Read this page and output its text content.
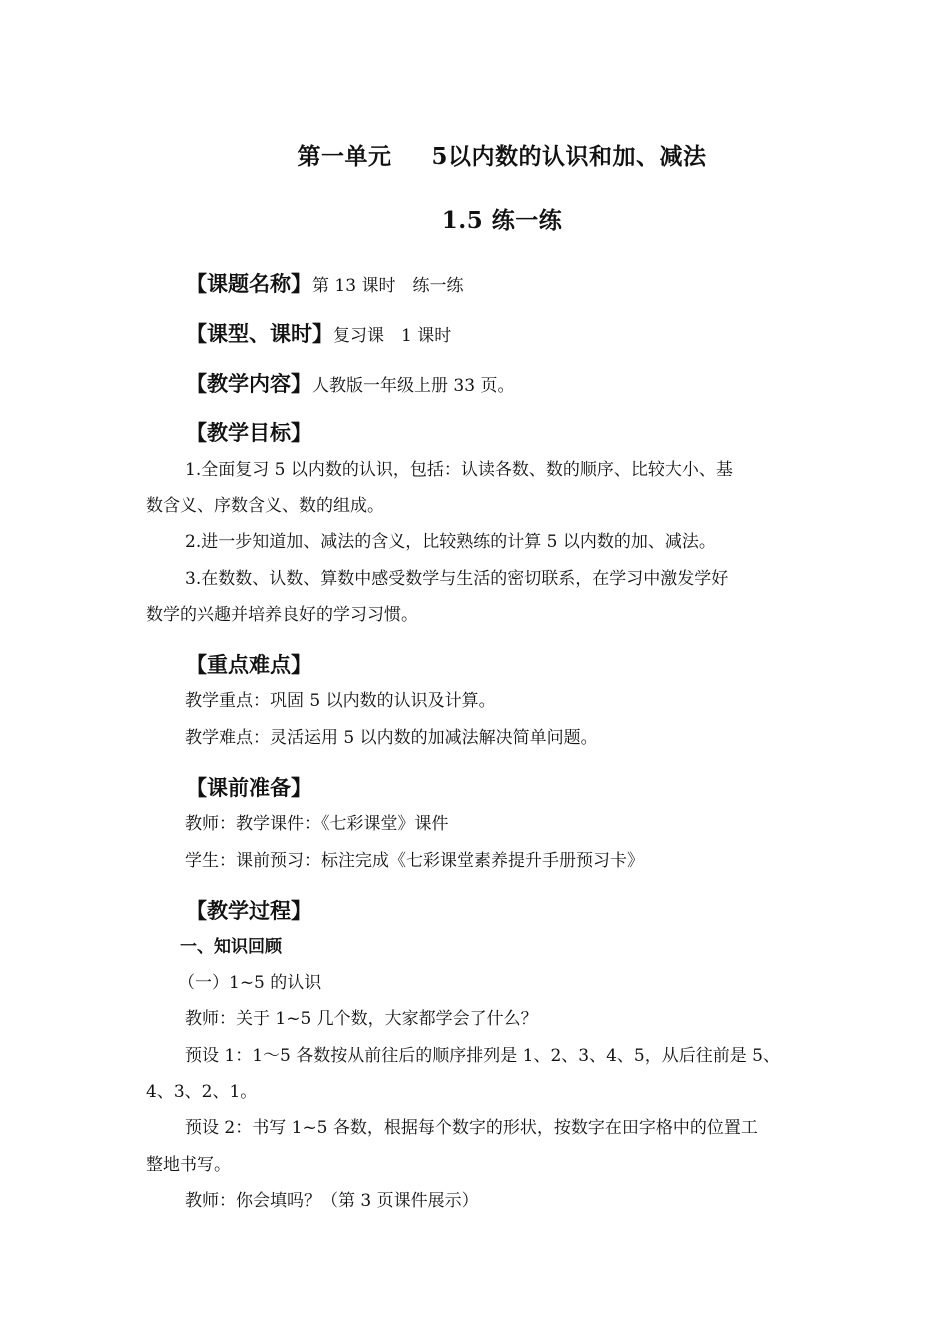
第一单元 5以内数的认识和加、减法
1.5 练一练
【课题名称】第 13 课时　练一练
【课型、课时】复习课　1 课时
【教学内容】人教版一年级上册 33 页。
【教学目标】
1.全面复习 5 以内数的认识，包括：认读各数、数的顺序、比较大小、基
数含义、序数含义、数的组成。
2.进一步知道加、减法的含义，比较熟练的计算 5 以内数的加、减法。
3.在数数、认数、算数中感受数学与生活的密切联系，在学习中激发学好
数学的兴趣并培养良好的学习习惯。
【重点难点】
教学重点：巩固 5 以内数的认识及计算。
教学难点：灵活运用 5 以内数的加减法解决简单问题。
【课前准备】
教师：教学课件：《七彩课堂》课件
学生：课前预习：标注完成《七彩课堂素养提升手册预习卡》
【教学过程】
一、知识回顾
（一）1~5 的认识
教师：关于 1~5 几个数，大家都学会了什么？
预设 1：1～5 各数按从前往后的顺序排列是 1、2、3、4、5，从后往前是 5、
4、3、2、1。
预设 2：书写 1~5 各数，根据每个数字的形状，按数字在田字格中的位置工
整地书写。
教师：你会填吗？（第 3 页课件展示）
